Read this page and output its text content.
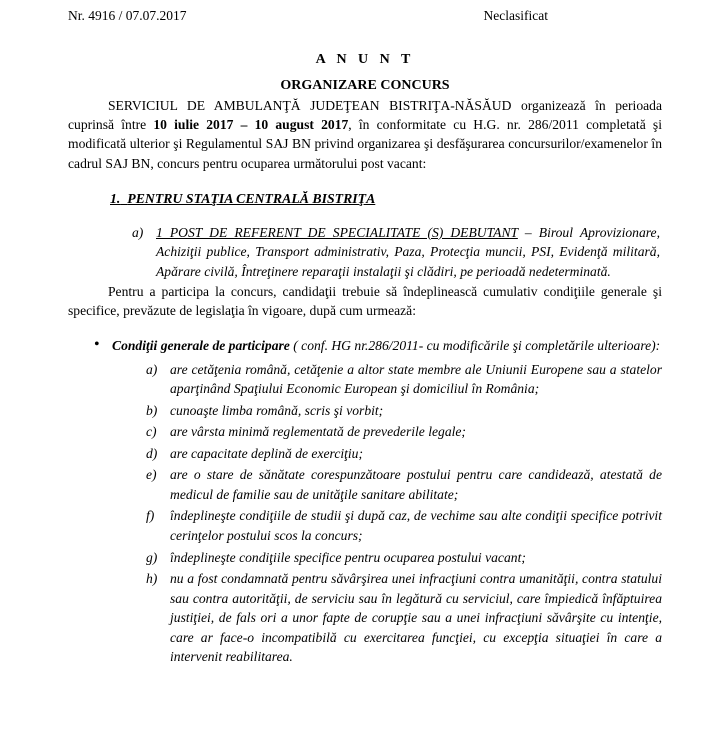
Nr. 4916 / 07.07.2017	Neclasificat
A N U N T
ORGANIZARE CONCURS

SERVICIUL DE AMBULANŢĂ JUDEŢEAN BISTRIŢA-NĂSĂUD organizează în perioada cuprinsă între 10 iulie 2017 – 10 august 2017, în conformitate cu H.G. nr. 286/2011 completată şi modificată ulterior şi Regulamentul SAJ BN privind organizarea şi desfăşurarea concursurilor/examenelor în cadrul SAJ BN, concurs pentru ocuparea următorului post vacant:

1. PENTRU STAŢIA CENTRALĂ BISTRIŢA
a) 1 POST DE REFERENT DE SPECIALITATE (S) DEBUTANT – Biroul Aprovizionare, Achiziţii publice, Transport administrativ, Paza, Protecţia muncii, PSI, Evidenţă militară, Apărare civilă, Întreţinere reparaţii instalaţii şi clădiri, pe perioadă nedeterminată.

Pentru a participa la concurs, candidaţii trebuie să îndeplinească cumulativ condiţiile generale şi specifice, prevăzute de legislaţia în vigoare, după cum urmează:

• Condiţii generale de participare ( conf. HG nr.286/2011- cu modificările şi completările ulterioare):
a) are cetăţenia română, cetăţenie a altor state membre ale Uniunii Europene sau a statelor aparţinând Spaţiului Economic European şi domiciliul în România;
b) cunoaşte limba română, scris şi vorbit;
c) are vârsta minimă reglementată de prevederile legale;
d) are capacitate deplină de exerciţiu;
e) are o stare de sănătate corespunzătoare postului pentru care candidează, atestată de medicul de familie sau de unităţile sanitare abilitate;
f) îndeplineşte condiţiile de studii şi după caz, de vechime sau alte condiţii specifice potrivit cerinţelor postului scos la concurs;
g) îndeplineşte condiţiile specifice pentru ocuparea postului vacant;
h) nu a fost condamnată pentru săvârşirea unei infracţiuni contra umanităţii, contra statului sau contra autorităţii, de serviciu sau în legătură cu serviciul, care împiedică înfăptuirea justiţiei, de fals ori a unor fapte de corupţie sau a unei infracţiuni săvârşite cu intenţie, care ar face-o incompatibilă cu exercitarea funcţiei, cu excepţia situaţiei în care a intervenit reabilitarea.
